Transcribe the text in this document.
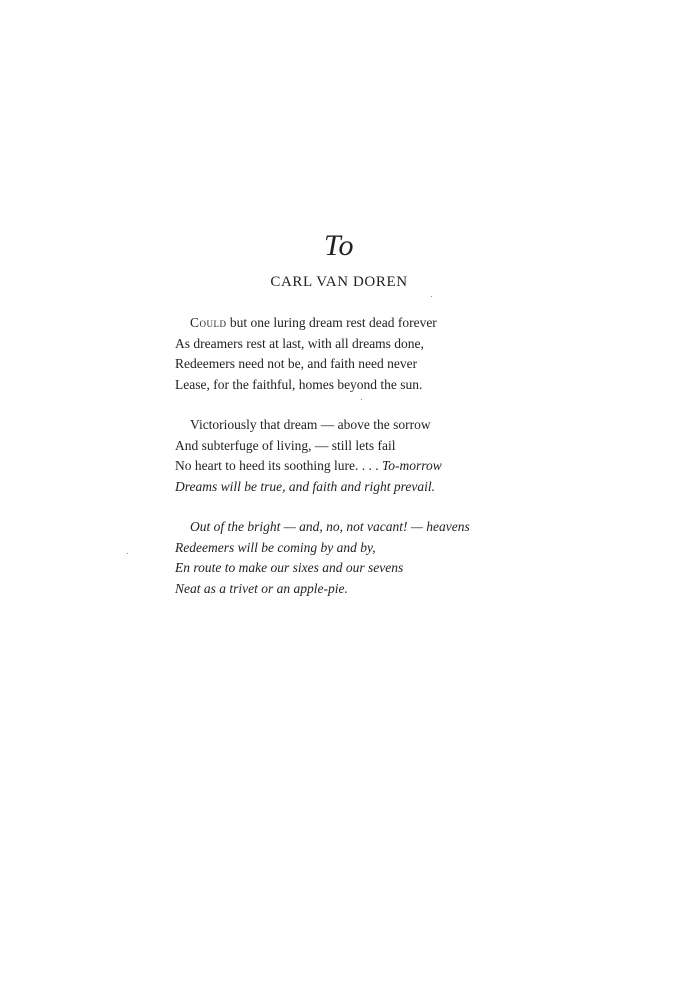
To
CARL VAN DOREN
Could but one luring dream rest dead forever
As dreamers rest at last, with all dreams done,
Redeemers need not be, and faith need never
Lease, for the faithful, homes beyond the sun.
Victoriously that dream — above the sorrow
And subterfuge of living, — still lets fail
No heart to heed its soothing lure. . . . To-morrow
Dreams will be true, and faith and right prevail.
Out of the bright — and, no, not vacant! — heavens
Redeemers will be coming by and by,
En route to make our sixes and our sevens
Neat as a trivet or an apple-pie.
